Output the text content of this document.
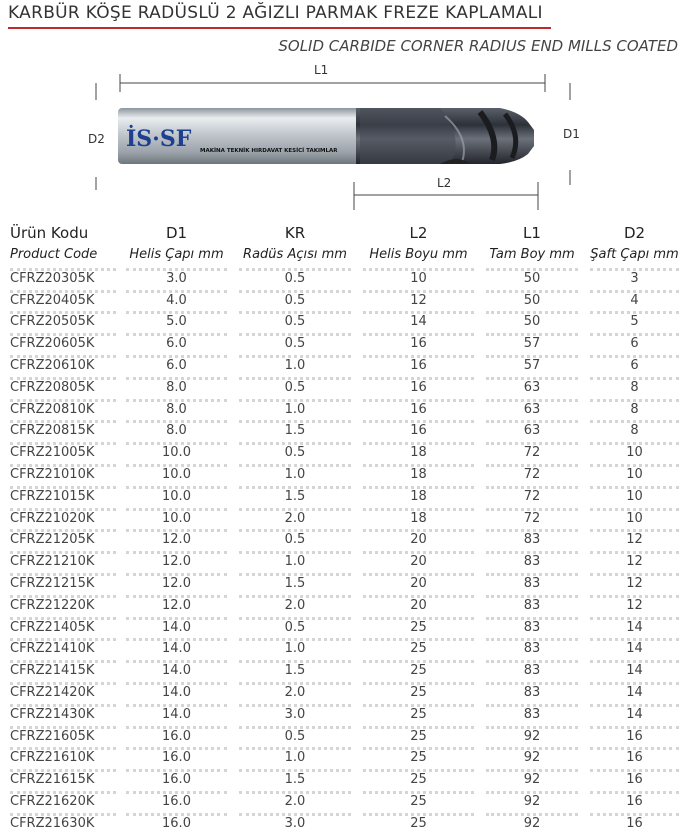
KARBÜR KÖŞE RADÜSLÜ 2 AĞIZLI PARMAK FREZE KAPLAMALI
SOLID CARBIDE CORNER RADIUS END MILLS COATED
L1
D2	D1
L2
İS·SF MAKİNA TEKNİK HIRDAVAT KESİCİ TAKIMLAR
Ürün Kodu	D1	KR	L2	L1	D2
Product Code	Helis Çapı mm	Radüs Açısı mm	Helis Boyu mm	Tam Boy mm	Şaft Çapı mm

CFRZ20305K	3.0	0.5	10	50	3

CFRZ20405K	4.0	0.5	12	50	4

CFRZ20505K	5.0	0.5	14	50	5

CFRZ20605K	6.0	0.5	16	57	6

CFRZ20610K	6.0	1.0	16	57	6

CFRZ20805K	8.0	0.5	16	63	8

CFRZ20810K	8.0	1.0	16	63	8

CFRZ20815K	8.0	1.5	16	63	8

CFRZ21005K	10.0	0.5	18	72	10

CFRZ21010K	10.0	1.0	18	72	10

CFRZ21015K	10.0	1.5	18	72	10

CFRZ21020K	10.0	2.0	18	72	10

CFRZ21205K	12.0	0.5	20	83	12

CFRZ21210K	12.0	1.0	20	83	12

CFRZ21215K	12.0	1.5	20	83	12

CFRZ21220K	12.0	2.0	20	83	12

CFRZ21405K	14.0	0.5	25	83	14

CFRZ21410K	14.0	1.0	25	83	14

CFRZ21415K	14.0	1.5	25	83	14

CFRZ21420K	14.0	2.0	25	83	14

CFRZ21430K	14.0	3.0	25	83	14

CFRZ21605K	16.0	0.5	25	92	16

CFRZ21610K	16.0	1.0	25	92	16

CFRZ21615K	16.0	1.5	25	92	16

CFRZ21620K	16.0	2.0	25	92	16

CFRZ21630K	16.0	3.0	25	92	16
